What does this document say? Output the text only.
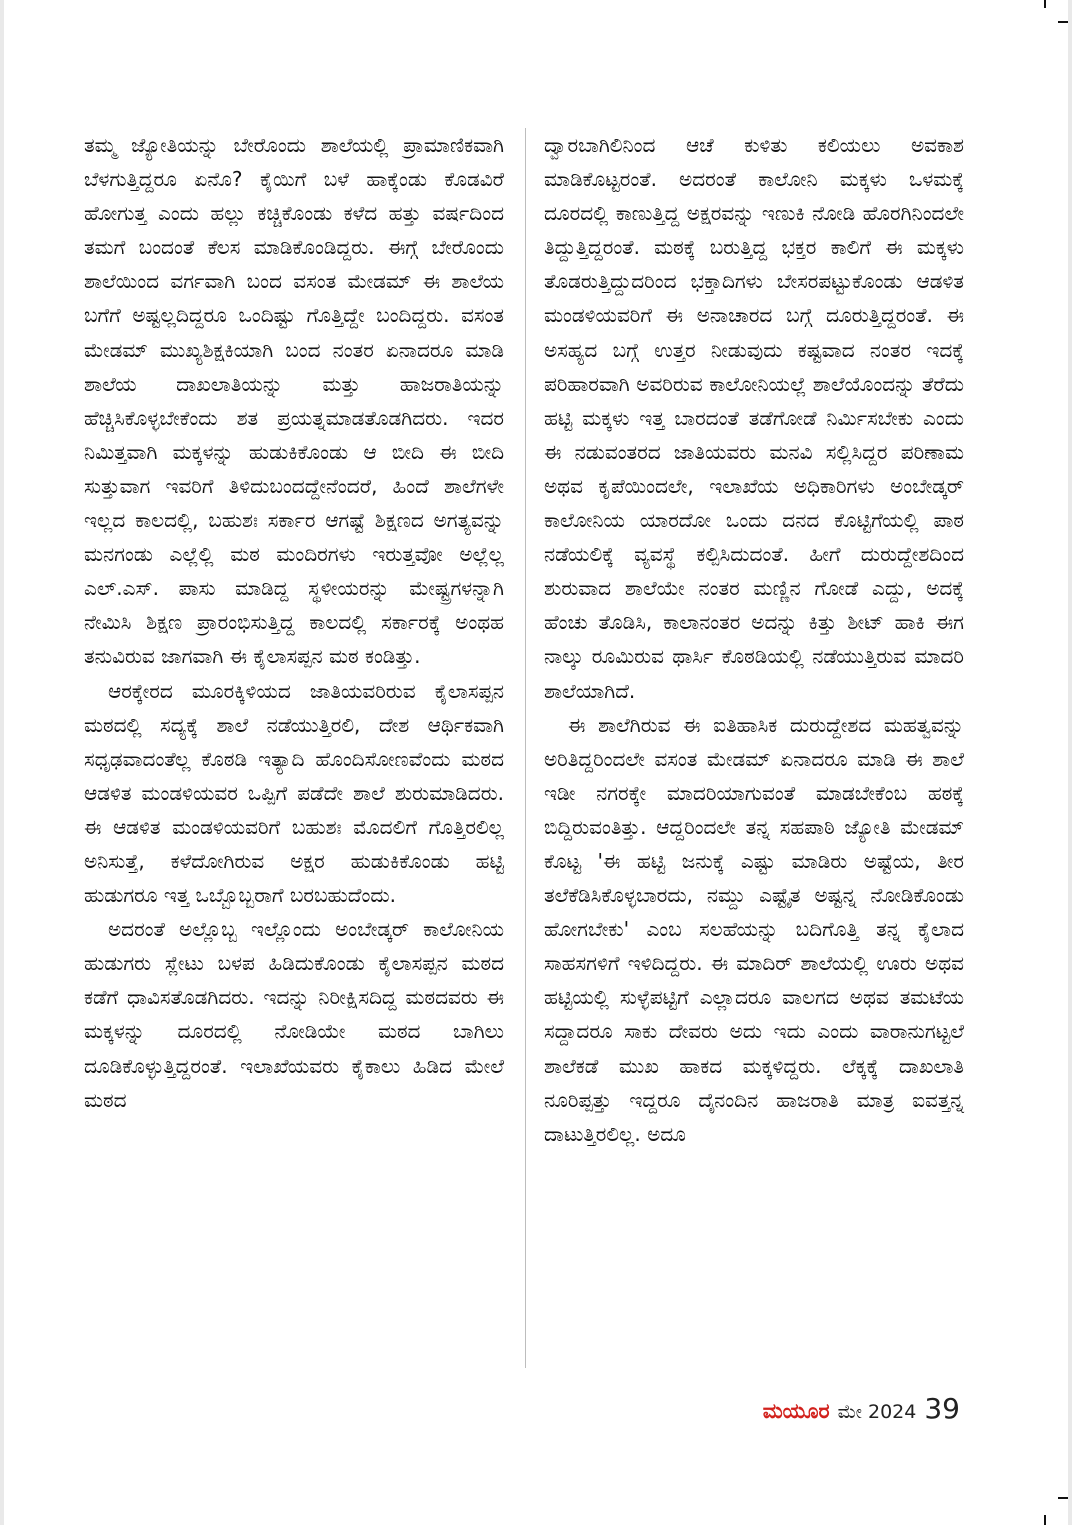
ತಮ್ಮ ಜ್ಯೋತಿಯನ್ನು ಬೇರೊಂದು ಶಾಲೆಯಲ್ಲಿ ಪ್ರಾಮಾಣಿಕವಾಗಿ ಬೆಳಗುತ್ತಿದ್ದರೂ ಏನೊ? ಕೈಯಿಗೆ ಬಳೆ ಹಾಕ್ಕೆಂಡು ಕೊಡವಿರೆ ಹೋಗುತ್ತ ಎಂದು ಹಲ್ಲು ಕಚ್ಚಿಕೊಂಡು ಕಳೆದ ಹತ್ತು ವರ್ಷದಿಂದ ತಮಗೆ ಬಂದಂತೆ ಕೆಲಸ ಮಾಡಿಕೊಂಡಿದ್ದರು. ಈಗ್ಗೆ ಬೇರೊಂದು ಶಾಲೆಯಿಂದ ವರ್ಗವಾಗಿ ಬಂದ ವಸಂತ ಮೇಡಮ್ ಈ ಶಾಲೆಯ ಬಗೆಗೆ ಅಷ್ಟಲ್ಲದಿದ್ದರೂ ಒಂದಿಷ್ಟು ಗೊತ್ತಿದ್ದೇ ಬಂದಿದ್ದರು. ವಸಂತ ಮೇಡಮ್ ಮುಖ್ಯಶಿಕ್ಷಕಿಯಾಗಿ ಬಂದ ನಂತರ ಏನಾದರೂ ಮಾಡಿ ಶಾಲೆಯ ದಾಖಲಾತಿಯನ್ನು ಮತ್ತು ಹಾಜರಾತಿಯನ್ನು ಹೆಚ್ಚಿಸಿಕೊಳ್ಳಬೇಕೆಂದು ಶತ ಪ್ರಯತ್ನಮಾಡತೊಡಗಿದರು. ಇದರ ನಿಮಿತ್ತವಾಗಿ ಮಕ್ಕಳನ್ನು ಹುಡುಕಿಕೊಂಡು ಆ ಬೀದಿ ಈ ಬೀದಿ ಸುತ್ತುವಾಗ ಇವರಿಗೆ ತಿಳಿದುಬಂದದ್ದೇನೆಂದರೆ, ಹಿಂದೆ ಶಾಲೆಗಳೇ ಇಲ್ಲದ ಕಾಲದಲ್ಲಿ, ಬಹುಶಃ ಸರ್ಕಾರ ಆಗಷ್ಟೆ ಶಿಕ್ಷಣದ ಅಗತ್ಯವನ್ನು ಮನಗಂಡು ಎಲ್ಲೆಲ್ಲಿ ಮಠ ಮಂದಿರಗಳು ಇರುತ್ತವೋ ಅಲ್ಲೆಲ್ಲ ಎಲ್.ಎಸ್. ಪಾಸು ಮಾಡಿದ್ದ ಸ್ಥಳೀಯರನ್ನು ಮೇಷ್ಟ್ರಗಳನ್ನಾಗಿ ನೇಮಿಸಿ ಶಿಕ್ಷಣ ಪ್ರಾರಂಭಿಸುತ್ತಿದ್ದ ಕಾಲದಲ್ಲಿ ಸರ್ಕಾರಕ್ಕೆ ಅಂಥಹ ತನುವಿರುವ ಜಾಗವಾಗಿ ಈ ಕೈಲಾಸಪ್ಪನ ಮಠ ಕಂಡಿತ್ತು.

ಆರಕ್ಕೇರದ ಮೂರಕ್ಕಿಳಿಯದ ಜಾತಿಯವರಿರುವ ಕೈಲಾಸಪ್ಪನ ಮಠದಲ್ಲಿ ಸದ್ಯಕ್ಕೆ ಶಾಲೆ ನಡೆಯುತ್ತಿರಲಿ, ದೇಶ ಆರ್ಥಿಕವಾಗಿ ಸಧೃಢವಾದಂತೆಲ್ಲ ಕೊಠಡಿ ಇತ್ಯಾದಿ ಹೊಂದಿಸೋಣವೆಂದು ಮಠದ ಆಡಳಿತ ಮಂಡಳಿಯವರ ಒಪ್ಪಿಗೆ ಪಡೆದೇ ಶಾಲೆ ಶುರುಮಾಡಿದರು. ಈ ಆಡಳಿತ ಮಂಡಳಿಯವರಿಗೆ ಬಹುಶಃ ಮೊದಲಿಗೆ ಗೊತ್ತಿರಲಿಲ್ಲ ಅನಿಸುತ್ತೆ, ಕಳೆದೋಗಿರುವ ಅಕ್ಷರ ಹುಡುಕಿಕೊಂಡು ಹಟ್ಟಿ ಹುಡುಗರೂ ಇತ್ತ ಒಬ್ಬೊಬ್ಬರಾಗೆ ಬರಬಹುದೆಂದು.

ಅದರಂತೆ ಅಲ್ಲೊಬ್ಬ ಇಲ್ಲೊಂದು ಅಂಬೇಡ್ಕರ್ ಕಾಲೋನಿಯ ಹುಡುಗರು ಸ್ಲೇಟು ಬಳಪ ಹಿಡಿದುಕೊಂಡು ಕೈಲಾಸಪ್ಪನ ಮಠದ ಕಡೆಗೆ ಧಾವಿಸತೊಡಗಿದರು. ಇದನ್ನು ನಿರೀಕ್ಷಿಸದಿದ್ದ ಮಠದವರು ಈ ಮಕ್ಕಳನ್ನು ದೂರದಲ್ಲಿ ನೋಡಿಯೇ ಮಠದ ಬಾಗಿಲು ದೂಡಿಕೊಳ್ಳುತ್ತಿದ್ದರಂತೆ. ಇಲಾಖೆಯವರು ಕೈಕಾಲು ಹಿಡಿದ ಮೇಲೆ ಮಠದ

ದ್ವಾರಬಾಗಿಲಿನಿಂದ ಆಚೆ ಕುಳಿತು ಕಲಿಯಲು ಅವಕಾಶ ಮಾಡಿಕೊಟ್ಟರಂತೆ. ಅದರಂತೆ ಕಾಲೋನಿ ಮಕ್ಕಳು ಒಳಮಕ್ಕೆ ದೂರದಲ್ಲಿ ಕಾಣುತ್ತಿದ್ದ ಅಕ್ಷರವನ್ನು ಇಣುಕಿ ನೋಡಿ ಹೊರಗಿನಿಂದಲೇ ತಿದ್ದುತ್ತಿದ್ದರಂತೆ. ಮಠಕ್ಕೆ ಬರುತ್ತಿದ್ದ ಭಕ್ತರ ಕಾಲಿಗೆ ಈ ಮಕ್ಕಳು ತೊಡರುತ್ತಿದ್ದುದರಿಂದ ಭಕ್ತಾದಿಗಳು ಬೇಸರಪಟ್ಟುಕೊಂಡು ಆಡಳಿತ ಮಂಡಳಿಯವರಿಗೆ ಈ ಅನಾಚಾರದ ಬಗ್ಗೆ ದೂರುತ್ತಿದ್ದರಂತೆ. ಈ ಅಸಹ್ಯದ ಬಗ್ಗೆ ಉತ್ತರ ನೀಡುವುದು ಕಷ್ಟವಾದ ನಂತರ ಇದಕ್ಕೆ ಪರಿಹಾರವಾಗಿ ಅವರಿರುವ ಕಾಲೋನಿಯಲ್ಲೆ ಶಾಲೆಯೊಂದನ್ನು ತೆರೆದು ಹಟ್ಟಿ ಮಕ್ಕಳು ಇತ್ತ ಬಾರದಂತೆ ತಡೆಗೋಡೆ ನಿರ್ಮಿಸಬೇಕು ಎಂದು ಈ ನಡುವಂತರದ ಜಾತಿಯವರು ಮನವಿ ಸಲ್ಲಿಸಿದ್ದರ ಪರಿಣಾಮ ಅಥವ ಕೃಪೆಯಿಂದಲೇ, ಇಲಾಖೆಯ ಅಧಿಕಾರಿಗಳು ಅಂಬೇಡ್ಕರ್ ಕಾಲೋನಿಯ ಯಾರದೋ ಒಂದು ದನದ ಕೊಟ್ಟಿಗೆಯಲ್ಲಿ ಪಾಠ ನಡೆಯಲಿಕ್ಕೆ ವ್ಯವಸ್ಥೆ ಕಲ್ಪಿಸಿದುದಂತೆ. ಹೀಗೆ ದುರುದ್ದೇಶದಿಂದ ಶುರುವಾದ ಶಾಲೆಯೇ ನಂತರ ಮಣ್ಣಿನ ಗೋಡೆ ಎದ್ದು, ಅದಕ್ಕೆ ಹೆಂಚು ತೊಡಿಸಿ, ಕಾಲಾನಂತರ ಅದನ್ನು ಕಿತ್ತು ಶೀಟ್ ಹಾಕಿ ಈಗ ನಾಲ್ಕು ರೂಮಿರುವ ಥಾರ್ಸಿ ಕೊಠಡಿಯಲ್ಲಿ ನಡೆಯುತ್ತಿರುವ ಮಾದರಿ ಶಾಲೆಯಾಗಿದೆ.

ಈ ಶಾಲೆಗಿರುವ ಈ ಐತಿಹಾಸಿಕ ದುರುದ್ದೇಶದ ಮಹತ್ವವನ್ನು ಅರಿತಿದ್ದರಿಂದಲೇ ವಸಂತ ಮೇಡಮ್ ಏನಾದರೂ ಮಾಡಿ ಈ ಶಾಲೆ ಇಡೀ ನಗರಕ್ಕೇ ಮಾದರಿಯಾಗುವಂತೆ ಮಾಡಬೇಕೆಂಬ ಹಠಕ್ಕೆ ಬಿದ್ದಿರುವಂತಿತ್ತು. ಆದ್ದರಿಂದಲೇ ತನ್ನ ಸಹಪಾಠಿ ಜ್ಯೋತಿ ಮೇಡಮ್ ಕೊಟ್ಟ 'ಈ ಹಟ್ಟಿ ಜನುಕ್ಕೆ ಎಷ್ಟು ಮಾಡಿರು ಅಷ್ಟೆಯ, ತೀರ ತಲೆಕೆಡಿಸಿಕೊಳ್ಳಬಾರದು, ನಮ್ದು ಎಷ್ಟೈತ ಅಷ್ಟನ್ನ ನೋಡಿಕೊಂಡು ಹೋಗಬೇಕು' ಎಂಬ ಸಲಹೆಯನ್ನು ಬದಿಗೊತ್ತಿ ತನ್ನ ಕೈಲಾದ ಸಾಹಸಗಳಿಗೆ ಇಳಿದಿದ್ದರು. ಈ ಮಾದಿರ್ ಶಾಲೆಯಲ್ಲಿ ಊರು ಅಥವ ಹಟ್ಟಿಯಲ್ಲಿ ಸುಳ್ಳೆಪಟ್ಟಿಗೆ ಎಲ್ಲಾದರೂ ವಾಲಗದ ಅಥವ ತಮಟೆಯ ಸದ್ದಾದರೂ ಸಾಕು ದೇವರು ಅದು ಇದು ಎಂದು ವಾರಾನುಗಟ್ಟಲೆ ಶಾಲೆಕಡೆ ಮುಖ ಹಾಕದ ಮಕ್ಕಳಿದ್ದರು. ಲೆಕ್ಕಕ್ಕೆ ದಾಖಲಾತಿ ನೂರಿಪ್ಪತ್ತು ಇದ್ದರೂ ದೈನಂದಿನ ಹಾಜರಾತಿ ಮಾತ್ರ ಐವತ್ತನ್ನ ದಾಟುತ್ತಿರಲಿಲ್ಲ. ಅದೂ

ಮಯೂರ ಮೇ 2024 39
